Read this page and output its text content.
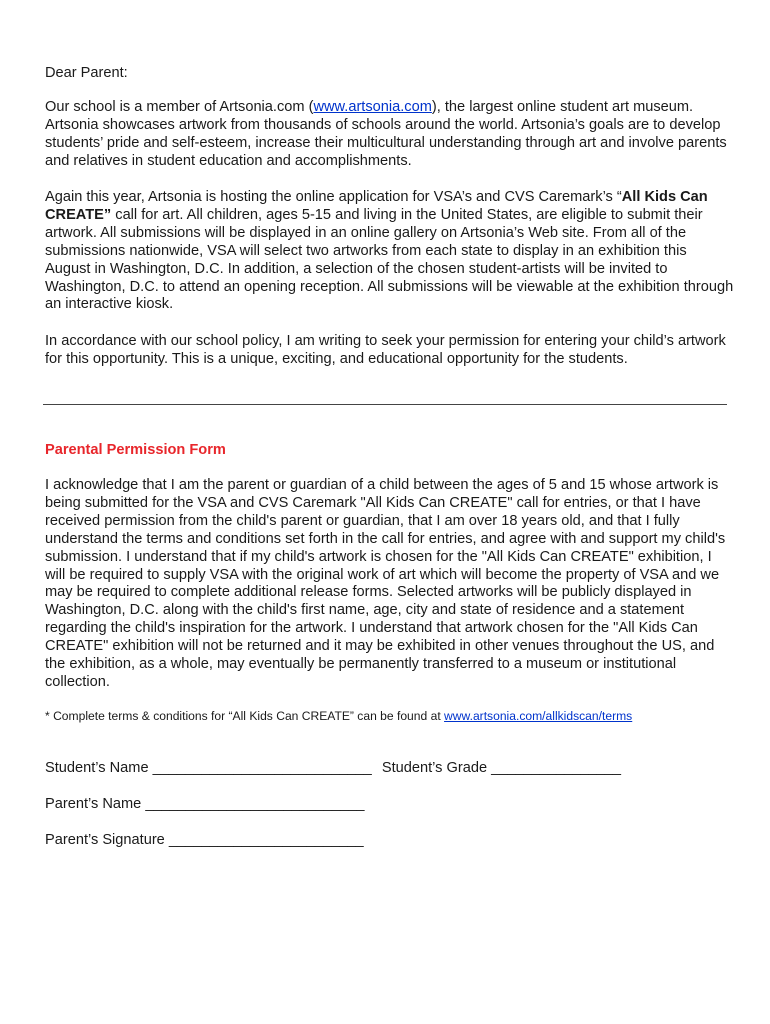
Dear Parent:

Our school is a member of Artsonia.com (www.artsonia.com), the largest online student art museum. Artsonia showcases artwork from thousands of schools around the world. Artsonia’s goals are to develop students’ pride and self-esteem, increase their multicultural understanding through art and involve parents and relatives in student education and accomplishments.

Again this year, Artsonia is hosting the online application for VSA’s and CVS Caremark’s “All Kids Can CREATE” call for art. All children, ages 5-15 and living in the United States, are eligible to submit their artwork. All submissions will be displayed in an online gallery on Artsonia’s Web site. From all of the submissions nationwide, VSA will select two artworks from each state to display in an exhibition this August in Washington, D.C. In addition, a selection of the chosen student-artists will be invited to Washington, D.C. to attend an opening reception. All submissions will be viewable at the exhibition through an interactive kiosk.

In accordance with our school policy, I am writing to seek your permission for entering your child’s artwork for this opportunity. This is a unique, exciting, and educational opportunity for the students.

Parental Permission Form

I acknowledge that I am the parent or guardian of a child between the ages of 5 and 15 whose artwork is being submitted for the VSA and CVS Caremark "All Kids Can CREATE" call for entries, or that I have received permission from the child's parent or guardian, that I am over 18 years old, and that I fully understand the terms and conditions set forth in the call for entries, and agree with and support my child's submission. I understand that if my child's artwork is chosen for the "All Kids Can CREATE" exhibition, I will be required to supply VSA with the original work of art which will become the property of VSA and we may be required to complete additional release forms. Selected artworks will be publicly displayed in Washington, D.C. along with the child's first name, age, city and state of residence and a statement regarding the child's inspiration for the artwork. I understand that artwork chosen for the "All Kids Can CREATE" exhibition will not be returned and it may be exhibited in other venues throughout the US, and the exhibition, as a whole, may eventually be permanently transferred to a museum or institutional collection.

* Complete terms & conditions for “All Kids Can CREATE” can be found at www.artsonia.com/allkidscan/terms

Student’s Name ___________________________ Student’s Grade ________________
Parent’s Name ___________________________
Parent’s Signature ________________________
